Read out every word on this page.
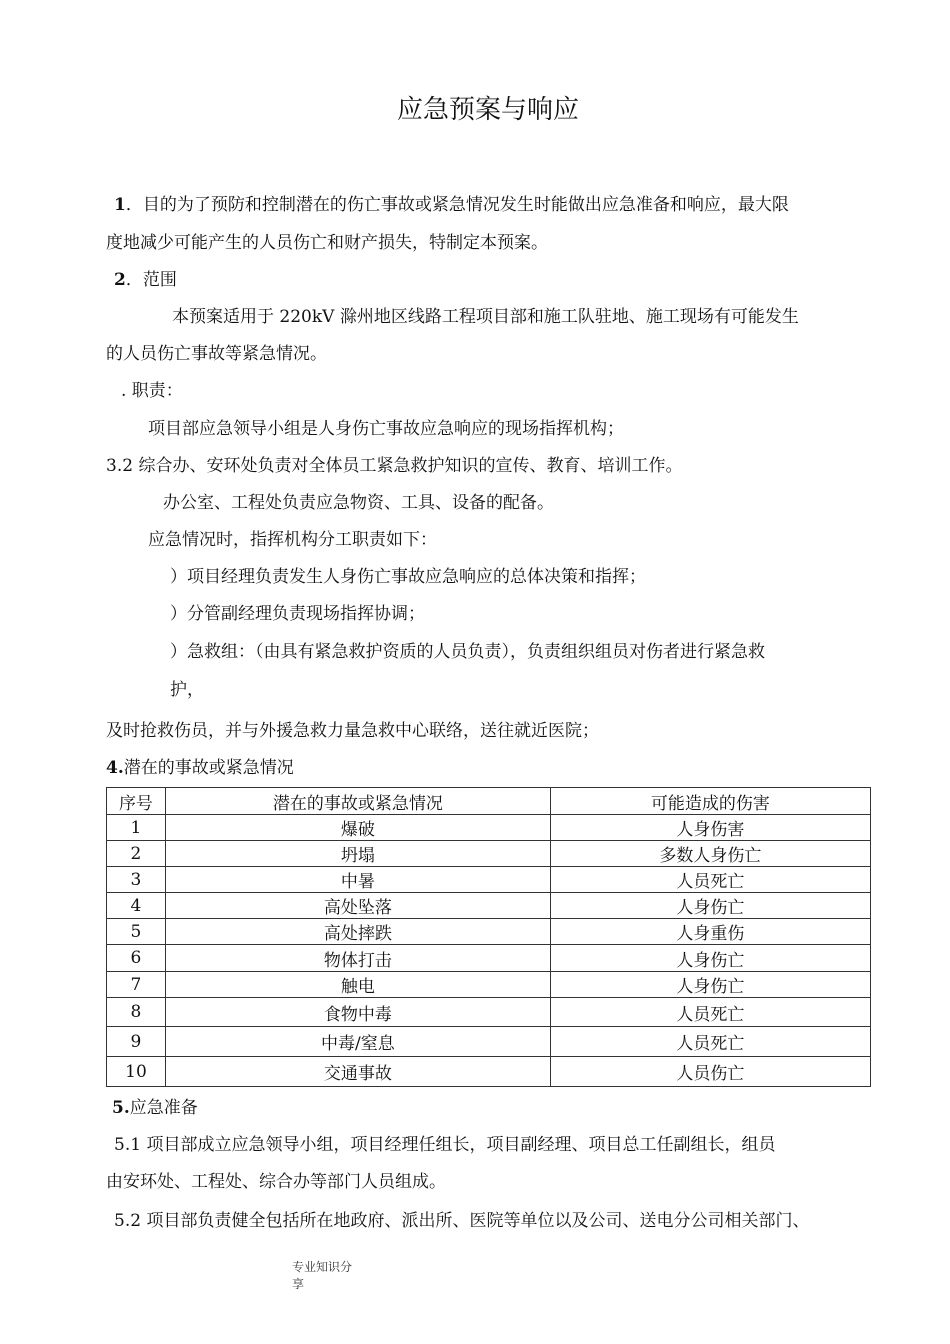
应急预案与响应
1．目的为了预防和控制潜在的伤亡事故或紧急情况发生时能做出应急准备和响应，最大限
度地减少可能产生的人员伤亡和财产损失，特制定本预案。
2．范围
本预案适用于 220kV 滁州地区线路工程项目部和施工队驻地、施工现场有可能发生
的人员伤亡事故等紧急情况。
. 职责：
项目部应急领导小组是人身伤亡事故应急响应的现场指挥机构；
3.2 综合办、安环处负责对全体员工紧急救护知识的宣传、教育、培训工作。
办公室、工程处负责应急物资、工具、设备的配备。
应急情况时，指挥机构分工职责如下：
）项目经理负责发生人身伤亡事故应急响应的总体决策和指挥；
）分管副经理负责现场指挥协调；
）急救组：（由具有紧急救护资质的人员负责），负责组织组员对伤者进行紧急救
护，
及时抢救伤员，并与外援急救力量急救中心联络，送往就近医院；
4.潜在的事故或紧急情况
序号	潜在的事故或紧急情况	可能造成的伤害
1	爆破	人身伤害
2	坍塌	多数人身伤亡
3	中暑	人员死亡
4	高处坠落	人身伤亡
5	高处摔跌	人身重伤
6	物体打击	人身伤亡
7	触电	人身伤亡
8	食物中毒	人员死亡
9	中毒/窒息	人员死亡
10	交通事故	人员伤亡
5.应急准备
5.1 项目部成立应急领导小组，项目经理任组长，项目副经理、项目总工任副组长，组员
由安环处、工程处、综合办等部门人员组成。
5.2 项目部负责健全包括所在地政府、派出所、医院等单位以及公司、送电分公司相关部门、
专业知识分
享
